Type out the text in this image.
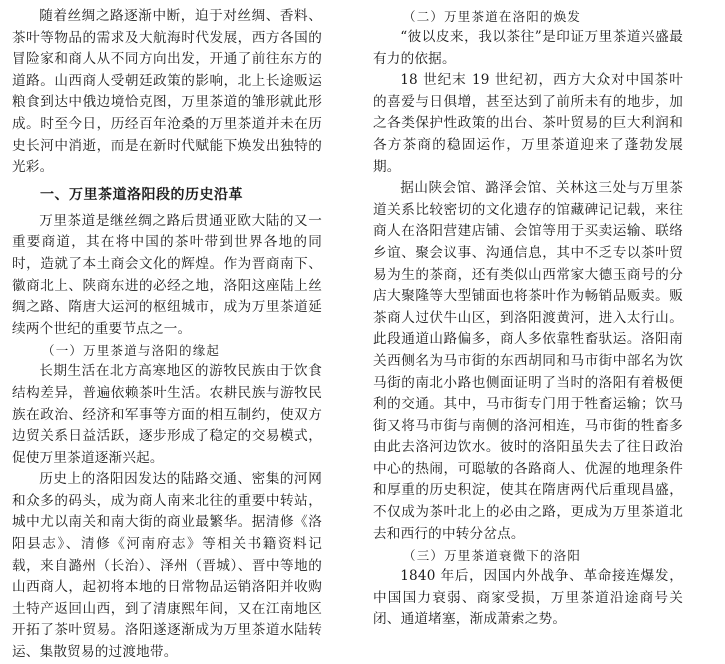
随着丝绸之路逐渐中断，迫于对丝绸、香料、茶叶等物品的需求及大航海时代发展，西方各国的冒险家和商人从不同方向出发，开通了前往东方的道路。山西商人受朝廷政策的影响，北上长途贩运粮食到达中俄边境恰克图，万里茶道的雏形就此形成。时至今日，历经百年沧桑的万里茶道并未在历史长河中消逝，而是在新时代赋能下焕发出独特的光彩。

一、万里茶道洛阳段的历史沿革

万里茶道是继丝绸之路后贯通亚欧大陆的又一重要商道，其在将中国的茶叶带到世界各地的同时，造就了本土商会文化的辉煌。作为晋商南下、徽商北上、陕商东进的必经之地，洛阳这座陆上丝绸之路、隋唐大运河的枢纽城市，成为万里茶道延续两个世纪的重要节点之一。

（一）万里茶道与洛阳的缘起

长期生活在北方高寒地区的游牧民族由于饮食结构差异，普遍依赖茶叶生活。农耕民族与游牧民族在政治、经济和军事等方面的相互制约，使双方边贸关系日益活跃，逐步形成了稳定的交易模式，促使万里茶道逐渐兴起。

历史上的洛阳因发达的陆路交通、密集的河网和众多的码头，成为商人南来北往的重要中转站，城中尤以南关和南大街的商业最繁华。据清修《洛阳县志》、清修《河南府志》等相关书籍资料记载，来自潞州（长治）、泽州（晋城）、晋中等地的山西商人，起初将本地的日常物品运销洛阳并收购土特产返回山西，到了清康熙年间，又在江南地区开拓了茶叶贸易。洛阳遂逐渐成为万里茶道水陆转运、集散贸易的过渡地带。

（二）万里茶道在洛阳的焕发

“彼以皮来，我以茶往”是印证万里茶道兴盛最有力的依据。

18 世纪末 19 世纪初，西方大众对中国茶叶的喜爱与日俱增，甚至达到了前所未有的地步，加之各类保护性政策的出台、茶叶贸易的巨大利润和各方茶商的稳固运作，万里茶道迎来了蓬勃发展期。

据山陕会馆、潞泽会馆、关林这三处与万里茶道关系比较密切的文化遗存的馆藏碑记记载，来往商人在洛阳营建店铺、会馆等用于买卖运输、联络乡谊、聚会议事、沟通信息，其中不乏专以茶叶贸易为生的茶商，还有类似山西常家大德玉商号的分店大聚隆等大型铺面也将茶叶作为畅销品贩卖。贩茶商人过伏牛山区，到洛阳渡黄河，进入太行山。此段通道山路偏多，商人多依靠牲畜驮运。洛阳南关西侧名为马市街的东西胡同和马市街中部名为饮马街的南北小路也侧面证明了当时的洛阳有着极便利的交通。其中，马市街专门用于牲畜运输；饮马街又将马市街与南侧的洛河相连，马市街的牲畜多由此去洛河边饮水。彼时的洛阳虽失去了往日政治中心的热闹，可聪敏的各路商人、优渥的地理条件和厚重的历史积淀，使其在隋唐两代后重现昌盛，不仅成为茶叶北上的必由之路，更成为万里茶道北去和西行的中转分岔点。

（三）万里茶道衰微下的洛阳

1840 年后，因国内外战争、革命接连爆发，中国国力衰弱、商家受损，万里茶道沿途商号关闭、通道堵塞，渐成萧索之势。
